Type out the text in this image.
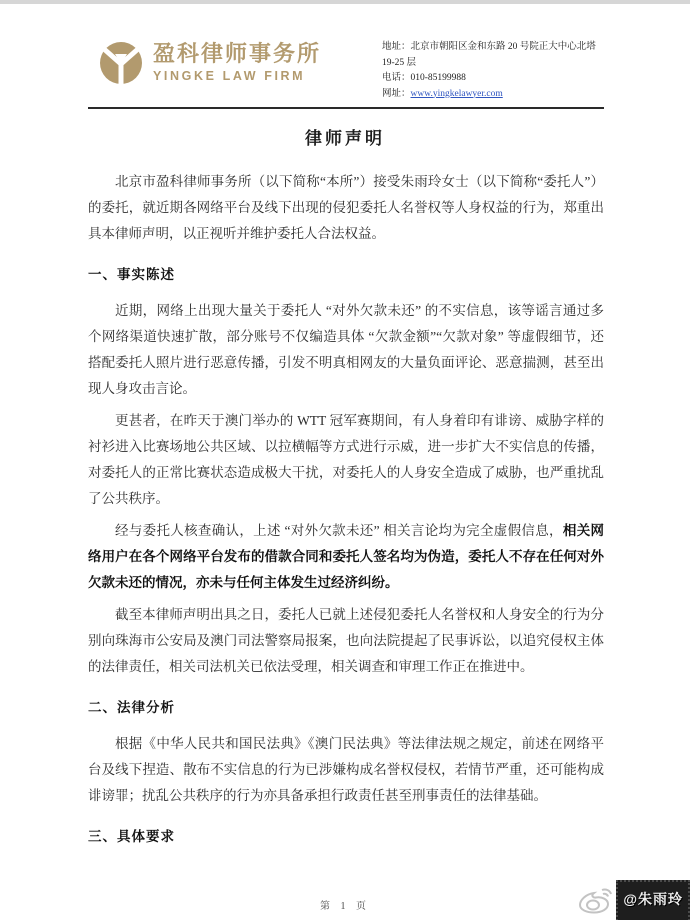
盈科律师事务所
YINGKE LAW FIRM
地址：北京市朝阳区金和东路 20 号院正大中心北塔 19-25 层
电话：010-85199988
网址：www.yingkelawyer.com
律师声明

北京市盈科律师事务所（以下简称“本所”）接受朱雨玲女士（以下简称“委托人”）的委托，就近期各网络平台及线下出现的侵犯委托人名誉权等人身权益的行为，郑重出具本律师声明，以正视听并维护委托人合法权益。

一、事实陈述

近期，网络上出现大量关于委托人 “对外欠款未还” 的不实信息，该等谣言通过多个网络渠道快速扩散，部分账号不仅编造具体 “欠款金额”“欠款对象” 等虚假细节，还搭配委托人照片进行恶意传播，引发不明真相网友的大量负面评论、恶意揣测，甚至出现人身攻击言论。

更甚者，在昨天于澳门举办的 WTT 冠军赛期间，有人身着印有诽谤、威胁字样的衬衫进入比赛场地公共区域、以拉横幅等方式进行示威，进一步扩大不实信息的传播，对委托人的正常比赛状态造成极大干扰，对委托人的人身安全造成了威胁，也严重扰乱了公共秩序。

经与委托人核查确认，上述 “对外欠款未还” 相关言论均为完全虚假信息，相关网络用户在各个网络平台发布的借款合同和委托人签名均为伪造，委托人不存在任何对外欠款未还的情况，亦未与任何主体发生过经济纠纷。

截至本律师声明出具之日，委托人已就上述侵犯委托人名誉权和人身安全的行为分别向珠海市公安局及澳门司法警察局报案，也向法院提起了民事诉讼，以追究侵权主体的法律责任，相关司法机关已依法受理，相关调查和审理工作正在推进中。

二、法律分析

根据《中华人民共和国民法典》《澳门民法典》等法律法规之规定，前述在网络平台及线下捏造、散布不实信息的行为已涉嫌构成名誉权侵权，若情节严重，还可能构成诽谤罪；扰乱公共秩序的行为亦具备承担行政责任甚至刑事责任的法律基础。

三、具体要求
第 1 页	@朱雨玲
